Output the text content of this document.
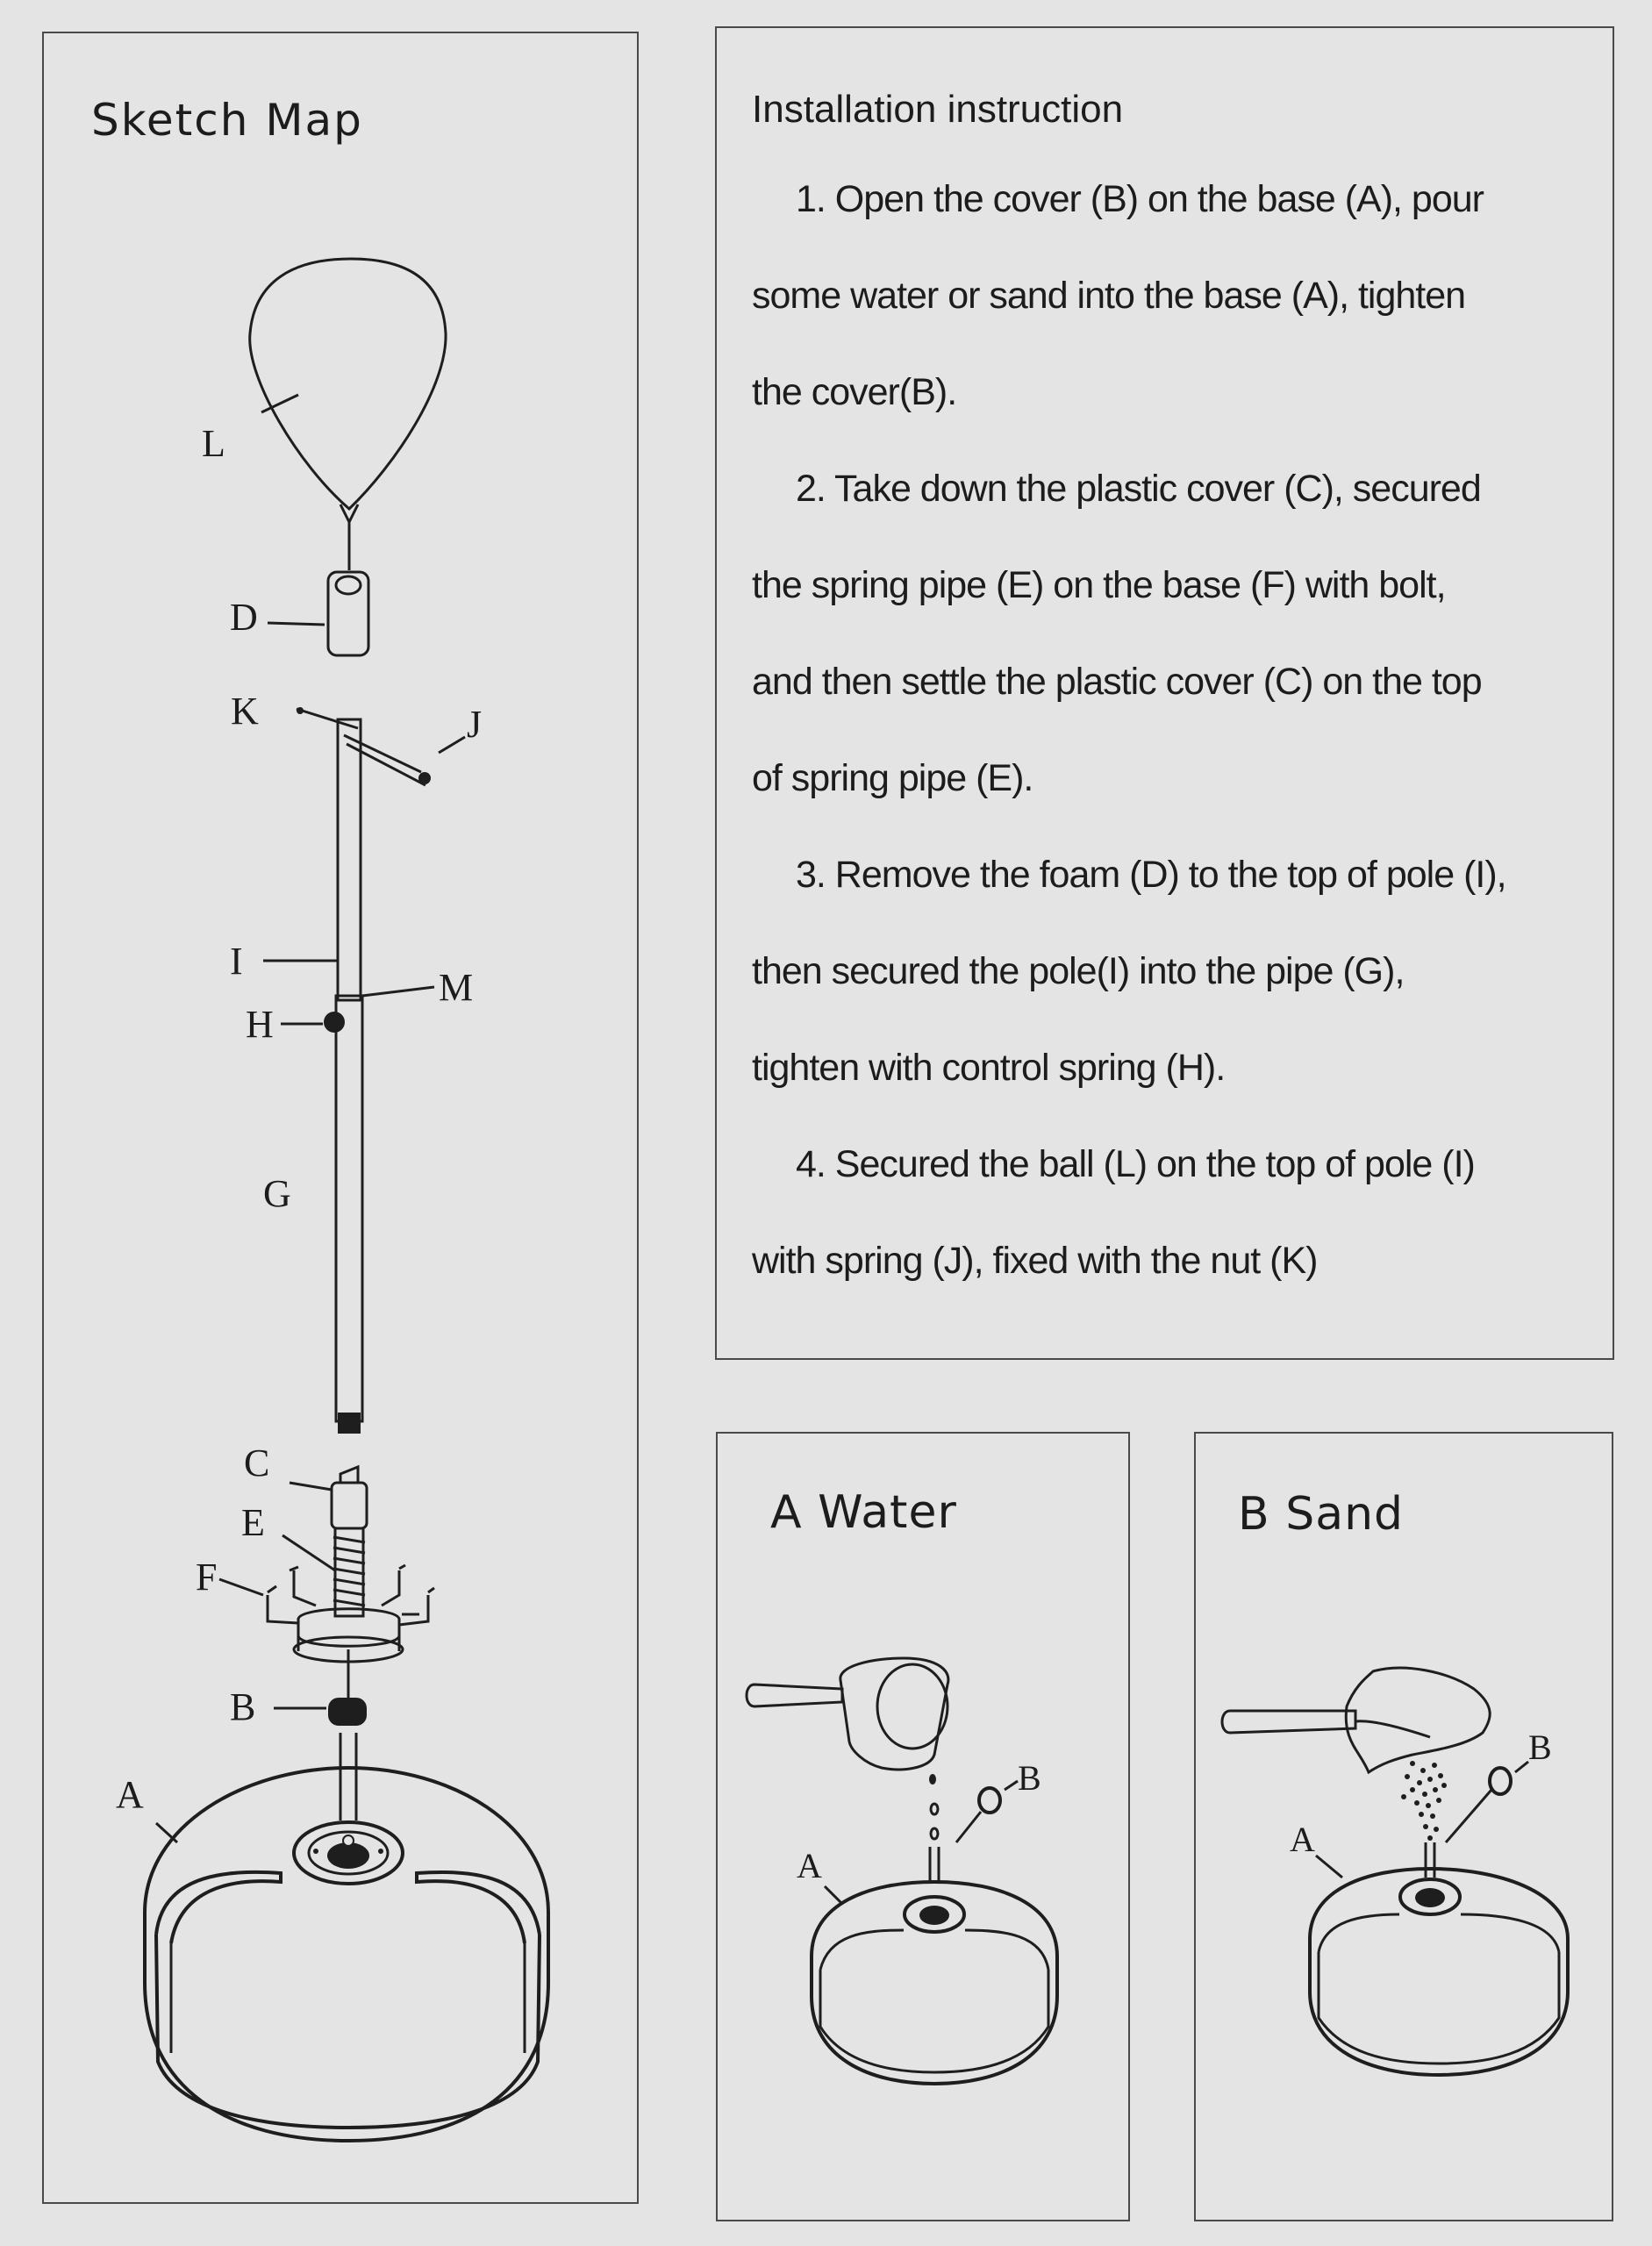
Sketch Map
L
D
K	J
I
M
H
G
C
E
F
B
A
Installation instruction

1. Open the cover (B) on the base (A), pour
some water or sand into the base (A), tighten
the cover(B).

2. Take down the plastic cover (C), secured
the spring pipe (E) on the base (F) with bolt,
and then settle the plastic cover (C) on the top
of spring pipe (E).

3. Remove the foam (D) to the top of pole (I),
then secured the pole(I) into the pipe (G),
tighten with control spring (H).

4. Secured the ball (L) on the top of pole (I)
with spring (J), fixed with the nut (K)

A Water
B
A
B Sand
B
A
